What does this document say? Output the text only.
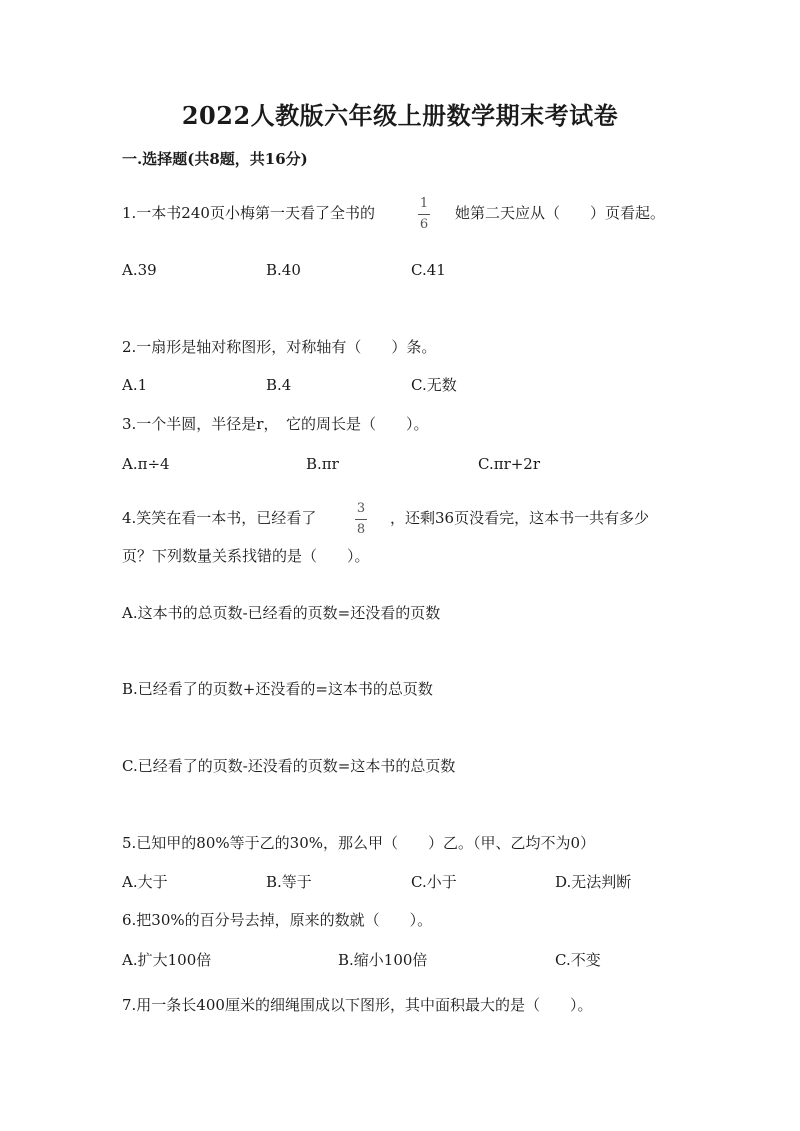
2022人教版六年级上册数学期末考试卷
一.选择题(共8题，共16分)
1.一本书240页小梅第一天看了全书的
1
6
她第二天应从（　　）页看起。
A.39	B.40	C.41
2.一扇形是轴对称图形，对称轴有（　　）条。
A.1	B.4	C.无数
3.一个半圆，半径是r，　它的周长是（　　）。
A.π÷4	B.πr	C.πr+2r
4.笑笑在看一本书，已经看了
3
8
，还剩36页没看完，这本书一共有多少
页？下列数量关系找错的是（　　）。
A.这本书的总页数-已经看的页数=还没看的页数
B.已经看了的页数+还没看的=这本书的总页数
C.已经看了的页数-还没看的页数=这本书的总页数
5.已知甲的80%等于乙的30%，那么甲（　　）乙。（甲、乙均不为0）
A.大于	B.等于	C.小于	D.无法判断
6.把30%的百分号去掉，原来的数就（　　）。
A.扩大100倍	B.缩小100倍	C.不变
7.用一条长400厘米的细绳围成以下图形，其中面积最大的是（　　）。
